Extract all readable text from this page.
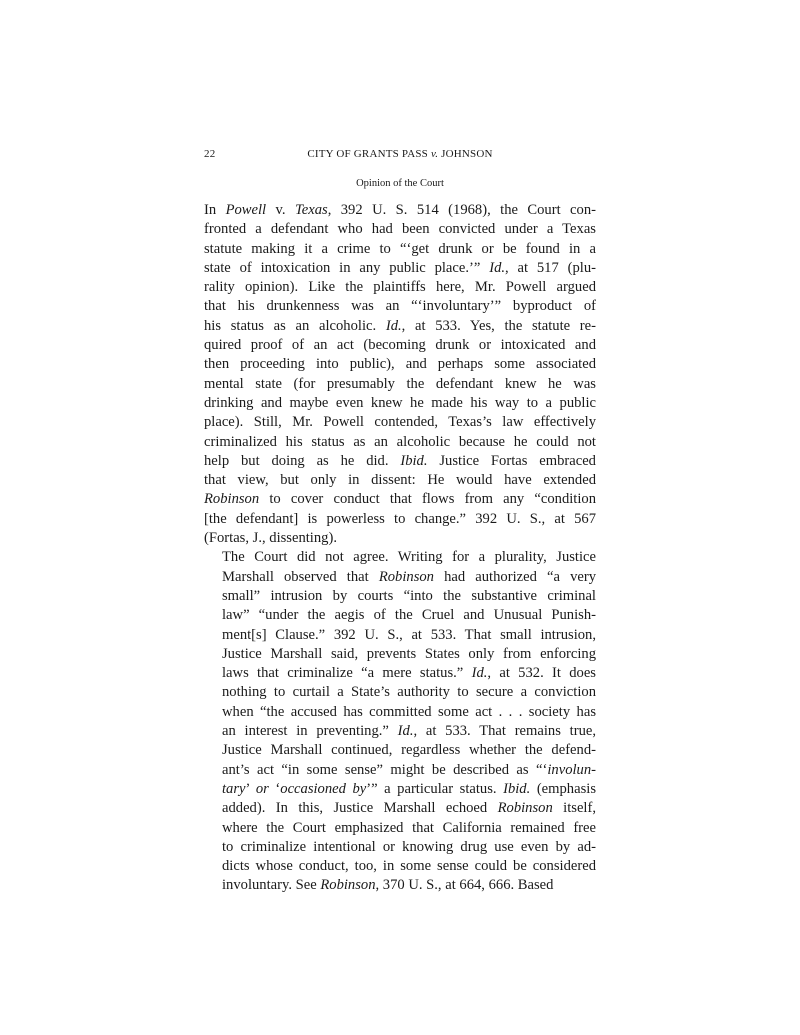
22	CITY OF GRANTS PASS v. JOHNSON
Opinion of the Court

In Powell v. Texas, 392 U. S. 514 (1968), the Court con-
fronted a defendant who had been convicted under a Texas
statute making it a crime to “‘get drunk or be found in a
state of intoxication in any public place.’” Id., at 517 (plu-
rality opinion). Like the plaintiffs here, Mr. Powell argued
that his drunkenness was an “‘involuntary’” byproduct of
his status as an alcoholic. Id., at 533. Yes, the statute re-
quired proof of an act (becoming drunk or intoxicated and
then proceeding into public), and perhaps some associated
mental state (for presumably the defendant knew he was
drinking and maybe even knew he made his way to a public
place). Still, Mr. Powell contended, Texas’s law effectively
criminalized his status as an alcoholic because he could not
help but doing as he did. Ibid. Justice Fortas embraced
that view, but only in dissent: He would have extended
Robinson to cover conduct that flows from any “condition
[the defendant] is powerless to change.” 392 U. S., at 567
(Fortas, J., dissenting).

The Court did not agree. Writing for a plurality, Justice
Marshall observed that Robinson had authorized “a very
small” intrusion by courts “into the substantive criminal
law” “under the aegis of the Cruel and Unusual Punish-
ment[s] Clause.” 392 U. S., at 533. That small intrusion,
Justice Marshall said, prevents States only from enforcing
laws that criminalize “a mere status.” Id., at 532. It does
nothing to curtail a State’s authority to secure a conviction
when “the accused has committed some act . . . society has
an interest in preventing.” Id., at 533. That remains true,
Justice Marshall continued, regardless whether the defend-
ant’s act “in some sense” might be described as “‘involun-
tary’ or ‘occasioned by’” a particular status. Ibid. (emphasis
added). In this, Justice Marshall echoed Robinson itself,
where the Court emphasized that California remained free
to criminalize intentional or knowing drug use even by ad-
dicts whose conduct, too, in some sense could be considered
involuntary. See Robinson, 370 U. S., at 664, 666. Based
